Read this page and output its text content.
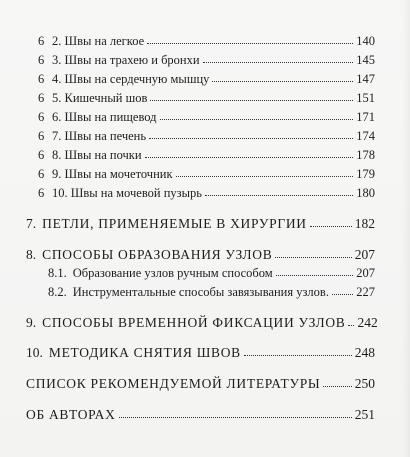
6 2. Швы на легкое	140
6 3. Швы на трахею и бронхи	145
6 4. Швы на сердечную мышцу	147
6 5. Кишечный шов	151
6 6. Швы на пищевод	171
6 7. Швы на печень	174
6 8. Швы на почки	178
6 9. Швы на мочеточник	179
6 10. Швы на мочевой пузырь	180
7. ПЕТЛИ, ПРИМЕНЯЕМЫЕ В ХИРУРГИИ	182
8. СПОСОБЫ ОБРАЗОВАНИЯ УЗЛОВ	207
8.1. Образование узлов ручным способом	207
8.2. Инструментальные способы завязывания узлов. 227
9. СПОСОБЫ ВРЕМЕННОЙ ФИКСАЦИИ УЗЛОВ 242
10. МЕТОДИКА СНЯТИЯ ШВОВ	248
СПИСОК РЕКОМЕНДУЕМОЙ ЛИТЕРАТУРЫ	250
ОБ АВТОРАХ	251
